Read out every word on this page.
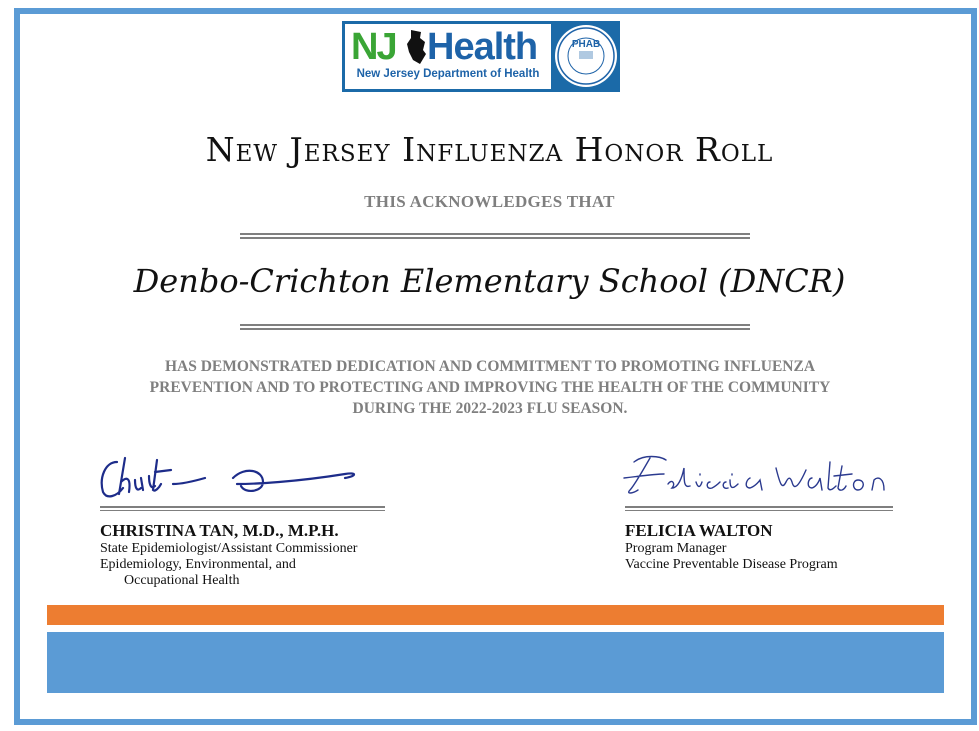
NJ Health
New Jersey Department of Health
PHAB
New Jersey Influenza Honor Roll
THIS ACKNOWLEDGES THAT
Denbo-Crichton Elementary School (DNCR)
HAS DEMONSTRATED DEDICATION AND COMMITMENT TO PROMOTING INFLUENZA
PREVENTION AND TO PROTECTING AND IMPROVING THE HEALTH OF THE COMMUNITY
DURING THE 2022-2023 FLU SEASON.
CHRISTINA TAN, M.D., M.P.H.
State Epidemiologist/Assistant Commissioner
Epidemiology, Environmental, and
Occupational Health
FELICIA WALTON
Program Manager
Vaccine Preventable Disease Program
